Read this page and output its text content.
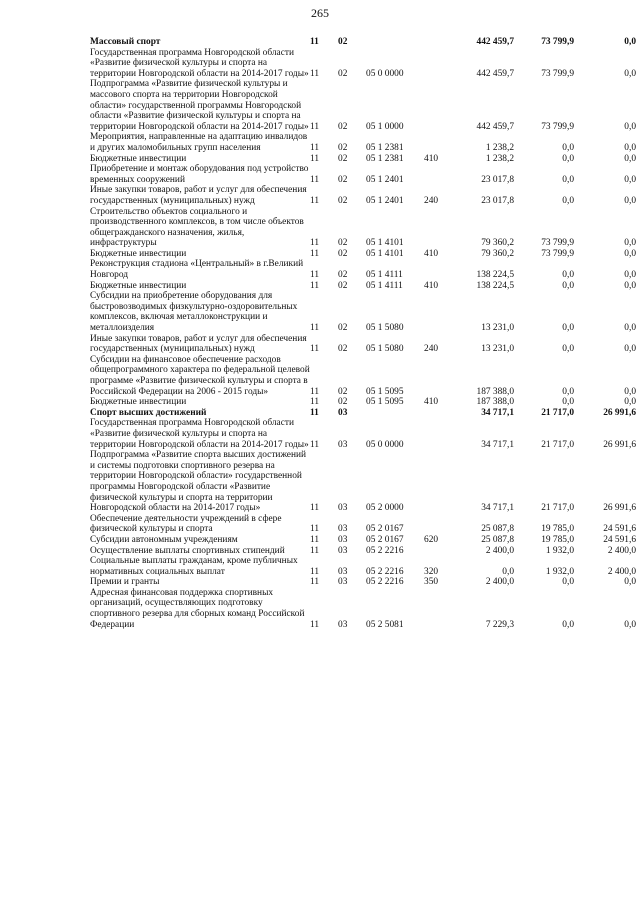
265
Массовый спорт	11	02			442 459,7	73 799,9	0,0
Государственная программа Новгородской области «Развитие физической культуры и спорта на территории Новгородской области на 2014-2017 годы»	11	02	05 0 0000		442 459,7	73 799,9	0,0
Подпрограмма «Развитие физической культуры и массового спорта на территории Новгородской области» государственной программы Новгородской области «Развитие физической культуры и спорта на территории Новгородской области на 2014-2017 годы»	11	02	05 1 0000		442 459,7	73 799,9	0,0
Мероприятия, направленные на адаптацию инвалидов и других маломобильных групп населения	11	02	05 1 2381		1 238,2	0,0	0,0
Бюджетные инвестиции	11	02	05 1 2381	410	1 238,2	0,0	0,0
Приобретение и монтаж оборудования под устройство временных сооружений	11	02	05 1 2401		23 017,8	0,0	0,0
Иные закупки товаров, работ и услуг для обеспечения государственных (муниципальных) нужд	11	02	05 1 2401	240	23 017,8	0,0	0,0
Строительство объектов социального и производственного комплексов, в том числе объектов общегражданского назначения, жилья, инфраструктуры	11	02	05 1 4101		79 360,2	73 799,9	0,0
Бюджетные инвестиции	11	02	05 1 4101	410	79 360,2	73 799,9	0,0
Реконструкция стадиона «Центральный» в г.Великий Новгород	11	02	05 1 4111		138 224,5	0,0	0,0
Бюджетные инвестиции	11	02	05 1 4111	410	138 224,5	0,0	0,0
Субсидии на приобретение оборудования для быстровозводимых физкультурно-оздоровительных комплексов, включая металлоконструкции и металлоизделия	11	02	05 1 5080		13 231,0	0,0	0,0
Иные закупки товаров, работ и услуг для обеспечения государственных (муниципальных) нужд	11	02	05 1 5080	240	13 231,0	0,0	0,0
Субсидии на финансовое обеспечение расходов общепрограммного характера по федеральной целевой программе «Развитие физической культуры и спорта в Российской Федерации на 2006 - 2015 годы»	11	02	05 1 5095		187 388,0	0,0	0,0
Бюджетные инвестиции	11	02	05 1 5095	410	187 388,0	0,0	0,0
Спорт высших достижений	11	03			34 717,1	21 717,0	26 991,6
Государственная программа Новгородской области «Развитие физической культуры и спорта на территории Новгородской области на 2014-2017 годы»	11	03	05 0 0000		34 717,1	21 717,0	26 991,6
Подпрограмма «Развитие спорта высших достижений и системы подготовки спортивного резерва на территории Новгородской области» государственной программы Новгородской области «Развитие физической культуры и спорта на территории Новгородской области на 2014-2017 годы»	11	03	05 2 0000		34 717,1	21 717,0	26 991,6
Обеспечение деятельности учреждений в сфере физической культуры и спорта	11	03	05 2 0167		25 087,8	19 785,0	24 591,6
Субсидии автономным учреждениям	11	03	05 2 0167	620	25 087,8	19 785,0	24 591,6
Осуществление выплаты спортивных стипендий	11	03	05 2 2216		2 400,0	1 932,0	2 400,0
Социальные выплаты гражданам, кроме публичных нормативных социальных выплат	11	03	05 2 2216	320	0,0	1 932,0	2 400,0
Премии и гранты	11	03	05 2 2216	350	2 400,0	0,0	0,0
Адресная финансовая поддержка спортивных организаций, осуществляющих подготовку спортивного резерва для сборных команд Российской Федерации	11	03	05 2 5081		7 229,3	0,0	0,0
